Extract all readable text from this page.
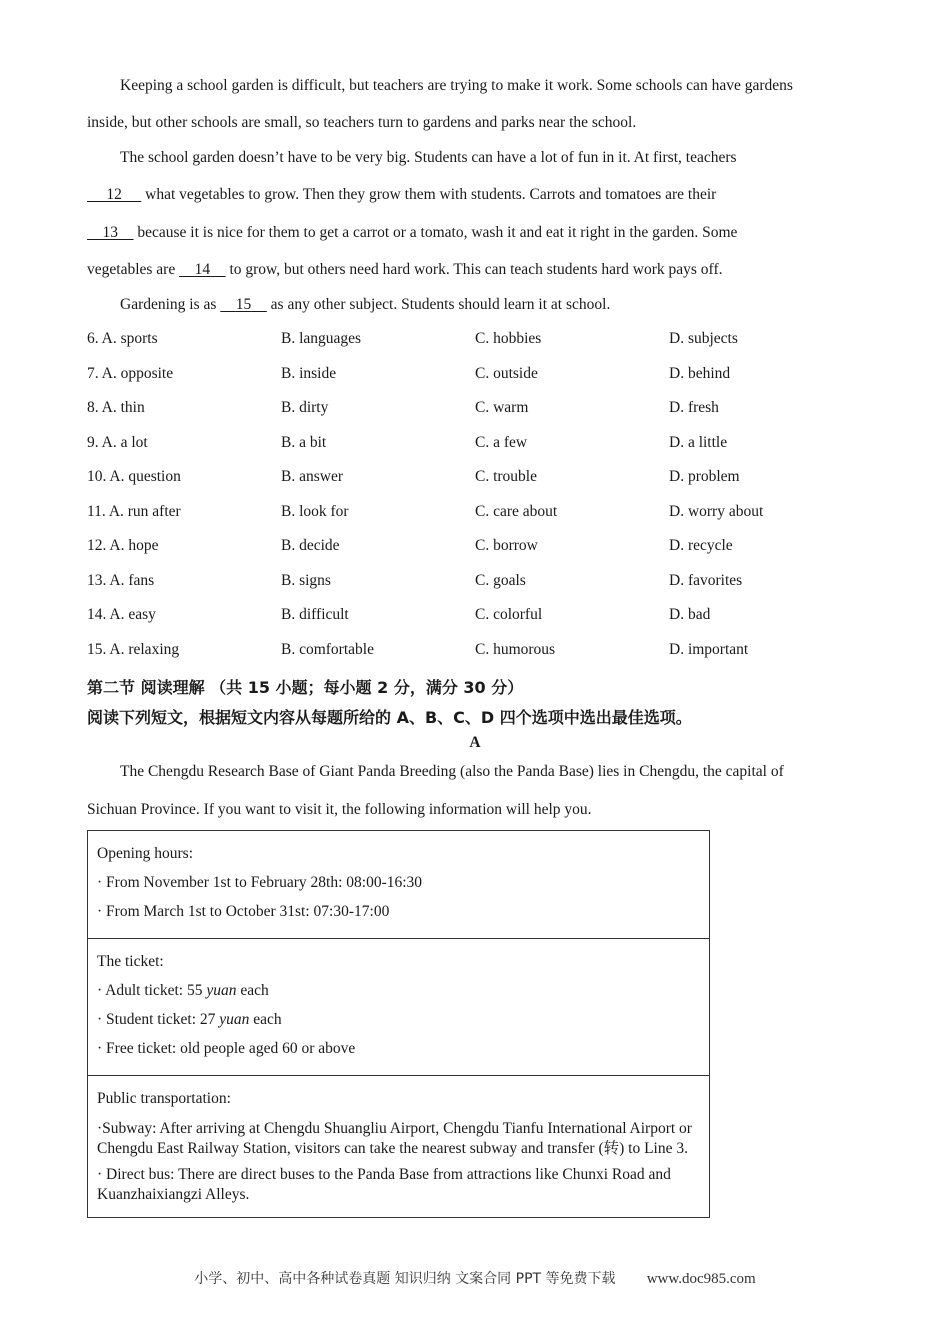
Keeping a school garden is difficult, but teachers are trying to make it work. Some schools can have gardens
inside, but other schools are small, so teachers turn to gardens and parks near the school.
The school garden doesn’t have to be very big. Students can have a lot of fun in it. At first, teachers
12 what vegetables to grow. Then they grow them with students. Carrots and tomatoes are their
13 because it is nice for them to get a carrot or a tomato, wash it and eat it right in the garden. Some
vegetables are 14 to grow, but others need hard work. This can teach students hard work pays off.
Gardening is as 15 as any other subject. Students should learn it at school.
6. A. sports	B. languages	C. hobbies	D. subjects
7. A. opposite	B. inside	C. outside	D. behind
8. A. thin	B. dirty	C. warm	D. fresh
9. A. a lot	B. a bit	C. a few	D. a little
10. A. question	B. answer	C. trouble	D. problem
11. A. run after	B. look for	C. care about	D. worry about
12. A. hope	B. decide	C. borrow	D. recycle
13. A. fans	B. signs	C. goals	D. favorites
14. A. easy	B. difficult	C. colorful	D. bad
15. A. relaxing	B. comfortable	C. humorous	D. important
第二节 阅读理解 （共 15 小题；每小题 2 分，满分 30 分）
阅读下列短文，根据短文内容从每题所给的 A、B、C、D 四个选项中选出最佳选项。
A
The Chengdu Research Base of Giant Panda Breeding (also the Panda Base) lies in Chengdu, the capital of
Sichuan Province. If you want to visit it, the following information will help you.
Opening hours:
· From November 1st to February 28th: 08:00-16:30
· From March 1st to October 31st: 07:30-17:00

The ticket:
· Adult ticket: 55 yuan each
· Student ticket: 27 yuan each
· Free ticket: old people aged 60 or above

Public transportation:
·Subway: After arriving at Chengdu Shuangliu Airport, Chengdu Tianfu International Airport or Chengdu East Railway Station, visitors can take the nearest subway and transfer (转) to Line 3.
· Direct bus: There are direct buses to the Panda Base from attractions like Chunxi Road and Kuanzhaixiangzi Alleys.
小学、初中、高中各种试卷真题 知识归纳 文案合同 PPT 等免费下载 www.doc985.com
